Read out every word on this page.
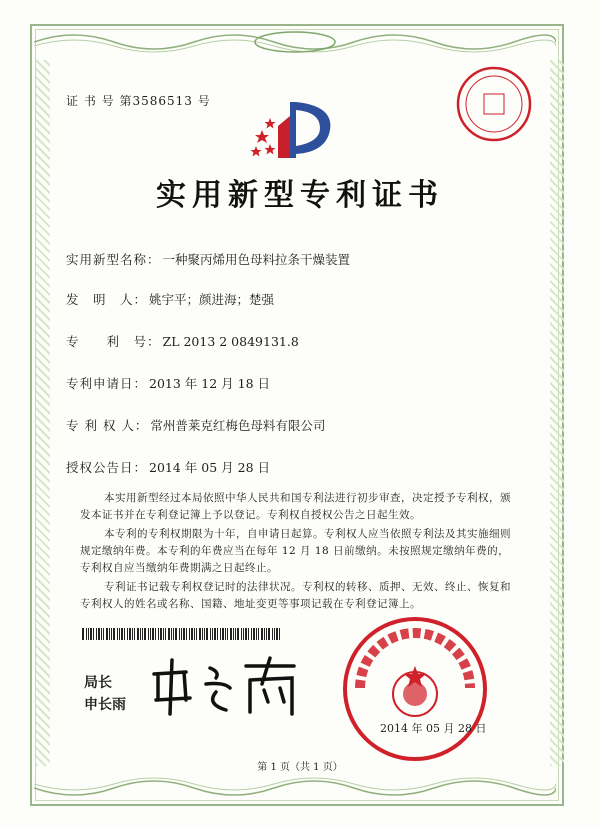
证 书 号 第3586513 号
实用新型专利证书
实用新型名称： 一种聚丙烯用色母料拉条干燥装置
发　明　人： 姚宇平；颜进海；楚强
专　　利　号： ZL 2013 2 0849131.8
专利申请日： 2013 年 12 月 18 日
专 利 权 人： 常州普莱克红梅色母料有限公司
授权公告日： 2014 年 05 月 28 日

本实用新型经过本局依照中华人民共和国专利法进行初步审查，决定授予专利权，颁发本证书并在专利登记簿上予以登记。专利权自授权公告之日起生效。

本专利的专利权期限为十年，自申请日起算。专利权人应当依照专利法及其实施细则规定缴纳年费。本专利的年费应当在每年 12 月 18 日前缴纳。未按照规定缴纳年费的，专利权自应当缴纳年费期满之日起终止。

专利证书记载专利权登记时的法律状况。专利权的转移、质押、无效、终止、恢复和专利权人的姓名或名称、国籍、地址变更等事项记载在专利登记簿上。

局长
申长雨
2014 年 05 月 28 日
第 1 页（共 1 页）
